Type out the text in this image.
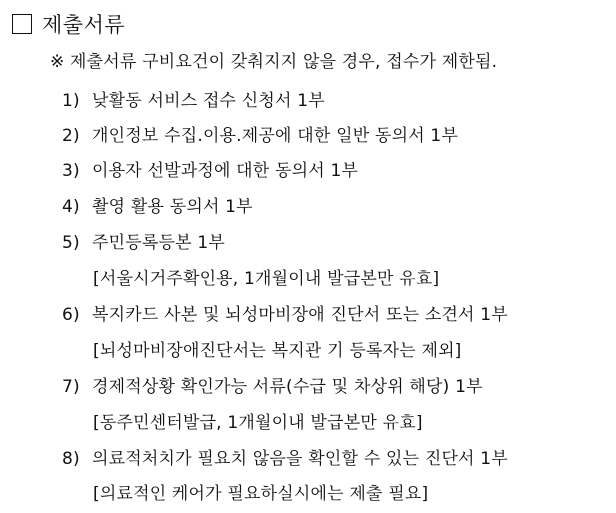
제출서류
※ 제출서류 구비요건이 갖춰지지 않을 경우, 접수가 제한됨.
1) 낮활동 서비스 접수 신청서 1부
2) 개인정보 수집.이용.제공에 대한 일반 동의서 1부
3) 이용자 선발과정에 대한 동의서 1부
4) 촬영 활용 동의서 1부
5) 주민등록등본 1부
[서울시거주확인용, 1개월이내 발급본만 유효]
6) 복지카드 사본 및 뇌성마비장애 진단서 또는 소견서 1부
[뇌성마비장애진단서는 복지관 기 등록자는 제외]
7) 경제적상황 확인가능 서류(수급 및 차상위 해당) 1부
[동주민센터발급, 1개월이내 발급본만 유효]
8) 의료적처치가 필요치 않음을 확인할 수 있는 진단서 1부
[의료적인 케어가 필요하실시에는 제출 필요]
